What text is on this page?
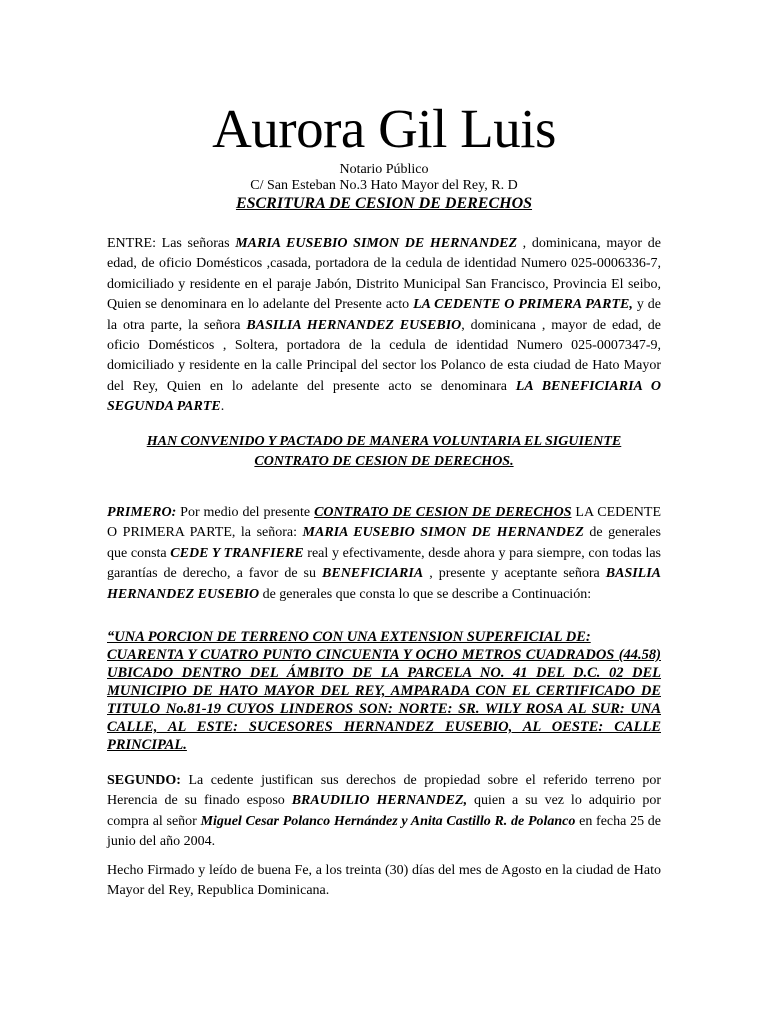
Aurora Gil Luis
Notario Público
C/ San Esteban No.3 Hato Mayor del Rey, R. D
ESCRITURA DE CESION DE DERECHOS
ENTRE: Las señoras MARIA EUSEBIO SIMON DE HERNANDEZ , dominicana, mayor de edad, de oficio Domésticos ,casada, portadora de la cedula de identidad Numero 025-0006336-7, domiciliado y residente en el paraje Jabón, Distrito Municipal San Francisco, Provincia El seibo, Quien se denominara en lo adelante del Presente acto LA CEDENTE O PRIMERA PARTE, y de la otra parte, la señora BASILIA HERNANDEZ EUSEBIO, dominicana , mayor de edad, de oficio Domésticos , Soltera, portadora de la cedula de identidad Numero 025-0007347-9, domiciliado y residente en la calle Principal del sector los Polanco de esta ciudad de Hato Mayor del Rey, Quien en lo adelante del presente acto se denominara LA BENEFICIARIA O SEGUNDA PARTE.
HAN CONVENIDO Y PACTADO DE MANERA VOLUNTARIA EL SIGUIENTE
CONTRATO DE CESION DE DERECHOS.
PRIMERO: Por medio del presente CONTRATO DE CESION DE DERECHOS LA CEDENTE O PRIMERA PARTE, la señora: MARIA EUSEBIO SIMON DE HERNANDEZ de generales que consta CEDE Y TRANFIERE real y efectivamente, desde ahora y para siempre, con todas las garantías de derecho, a favor de su BENEFICIARIA , presente y aceptante señora BASILIA HERNANDEZ EUSEBIO de generales que consta lo que se describe a Continuación:
“UNA PORCION DE TERRENO CON UNA EXTENSION SUPERFICIAL DE:
CUARENTA Y CUATRO PUNTO CINCUENTA Y OCHO METROS CUADRADOS (44.58) UBICADO DENTRO DEL ÁMBITO DE LA PARCELA NO. 41 DEL D.C. 02 DEL MUNICIPIO DE HATO MAYOR DEL REY, AMPARADA CON EL CERTIFICADO DE TITULO No.81-19 CUYOS LINDEROS SON: NORTE: SR. WILY ROSA AL SUR: UNA CALLE, AL ESTE: SUCESORES HERNANDEZ EUSEBIO, AL OESTE: CALLE PRINCIPAL.
SEGUNDO: La cedente justifican sus derechos de propiedad sobre el referido terreno por Herencia de su finado esposo BRAUDILIO HERNANDEZ, quien a su vez lo adquirio por compra al señor Miguel Cesar Polanco Hernández y Anita Castillo R. de Polanco en fecha 25 de junio del año 2004.
Hecho Firmado y leído de buena Fe, a los treinta (30) días del mes de Agosto en la ciudad de Hato Mayor del Rey, Republica Dominicana.
